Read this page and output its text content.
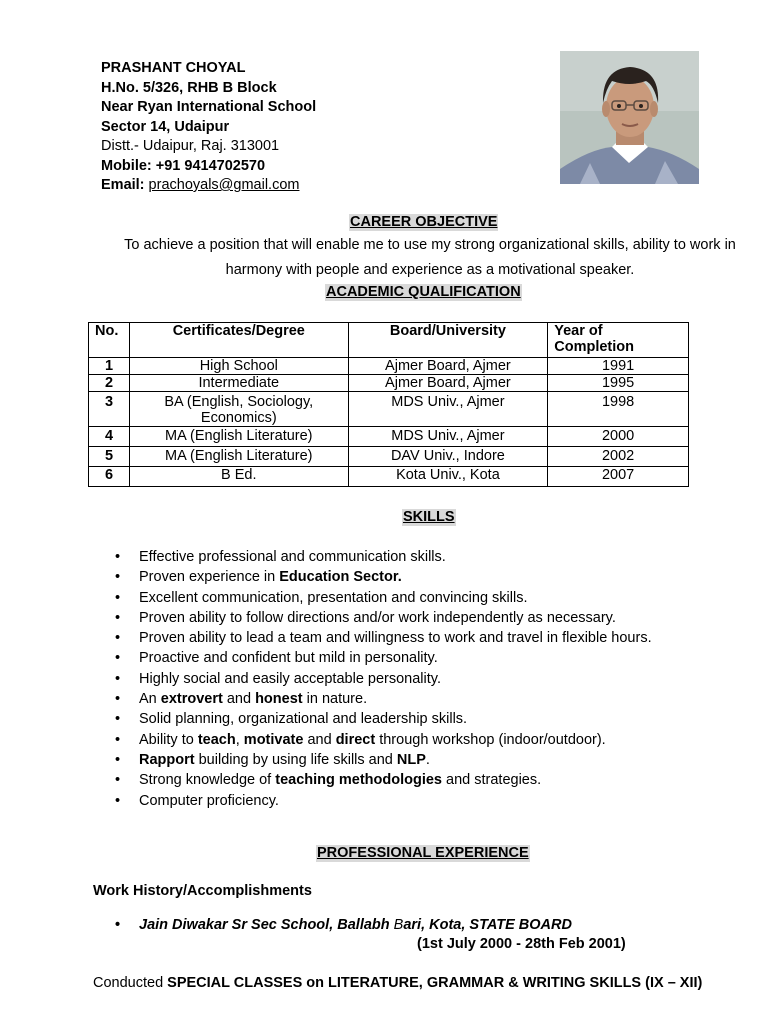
PRASHANT CHOYAL
H.No. 5/326, RHB B Block
Near Ryan International School
Sector 14, Udaipur
Distt.- Udaipur, Raj. 313001
Mobile: +91 9414702570
Email: prachoyals@gmail.com
CAREER OBJECTIVE
To achieve a position that will enable me to use my strong organizational skills, ability to work in
harmony with people and experience as a motivational speaker.
ACADEMIC QUALIFICATION
No.	Certificates/Degree	Board/University	Year of
Completion

1	High School	Ajmer Board, Ajmer	1991
2	Intermediate	Ajmer Board, Ajmer	1995
3	BA (English, Sociology,
Economics)	MDS Univ., Ajmer	1998
4	MA (English Literature)	MDS Univ., Ajmer	2000
5	MA (English Literature)	DAV Univ., Indore	2002
6	B Ed.	Kota Univ., Kota	2007
SKILLS
• Effective professional and communication skills.
• Proven experience in Education Sector.
• Excellent communication, presentation and convincing skills.
• Proven ability to follow directions and/or work independently as necessary.
• Proven ability to lead a team and willingness to work and travel in flexible hours.
• Proactive and confident but mild in personality.
• Highly social and easily acceptable personality.
• An extrovert and honest in nature.
• Solid planning, organizational and leadership skills.
• Ability to teach, motivate and direct through workshop (indoor/outdoor).
• Rapport building by using life skills and NLP.
• Strong knowledge of teaching methodologies and strategies.
• Computer proficiency.
PROFESSIONAL EXPERIENCE
Work History/Accomplishments
• Jain Diwakar Sr Sec School, Ballabh Bari, Kota, STATE BOARD
(1st July 2000 - 28th Feb 2001)
Conducted SPECIAL CLASSES on LITERATURE, GRAMMAR & WRITING SKILLS (IX – XII)
